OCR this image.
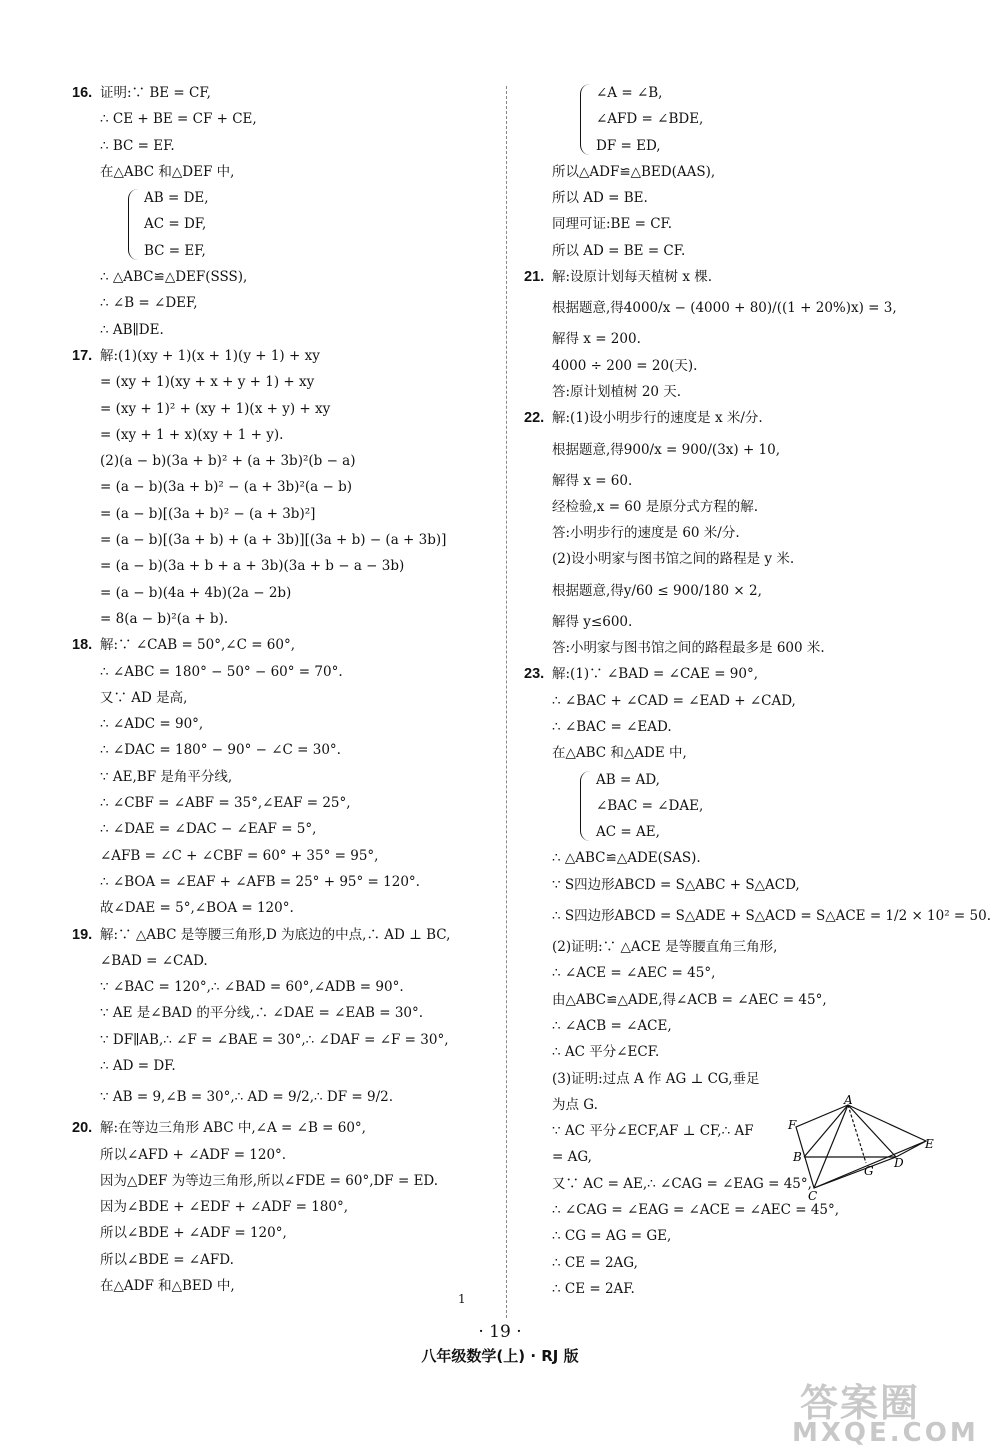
16. 证明:∵ BE = CF,
∴ CE + BE = CF + CE,
∴ BC = EF.
在△ABC 和△DEF 中,
AB = DE,
AC = DF,
BC = EF,
∴ △ABC≌△DEF(SSS),
∴ ∠B = ∠DEF,
∴ AB∥DE.
17. 解:(1)(xy + 1)(x + 1)(y + 1) + xy
= (xy + 1)(xy + x + y + 1) + xy
= (xy + 1)² + (xy + 1)(x + y) + xy
= (xy + 1 + x)(xy + 1 + y).
(2)(a − b)(3a + b)² + (a + 3b)²(b − a)
= (a − b)(3a + b)² − (a + 3b)²(a − b)
= (a − b)[(3a + b)² − (a + 3b)²]
= (a − b)[(3a + b) + (a + 3b)][(3a + b) − (a + 3b)]
= (a − b)(3a + b + a + 3b)(3a + b − a − 3b)
= (a − b)(4a + 4b)(2a − 2b)
= 8(a − b)²(a + b).
18. 解:∵ ∠CAB = 50°,∠C = 60°,
∴ ∠ABC = 180° − 50° − 60° = 70°.
又∵ AD 是高,
∴ ∠ADC = 90°,
∴ ∠DAC = 180° − 90° − ∠C = 30°.
∵ AE,BF 是角平分线,
∴ ∠CBF = ∠ABF = 35°,∠EAF = 25°,
∴ ∠DAE = ∠DAC − ∠EAF = 5°,
∠AFB = ∠C + ∠CBF = 60° + 35° = 95°,
∴ ∠BOA = ∠EAF + ∠AFB = 25° + 95° = 120°.
故∠DAE = 5°,∠BOA = 120°.
19. 解:∵ △ABC 是等腰三角形,D 为底边的中点,∴ AD ⊥ BC,
∠BAD = ∠CAD.
∵ ∠BAC = 120°,∴ ∠BAD = 60°,∠ADB = 90°.
∵ AE 是∠BAD 的平分线,∴ ∠DAE = ∠EAB = 30°.
∵ DF∥AB,∴ ∠F = ∠BAE = 30°,∴ ∠DAF = ∠F = 30°,
∴ AD = DF.
∵ AB = 9,∠B = 30°,∴ AD = 9/2,∴ DF = 9/2.
20. 解:在等边三角形 ABC 中,∠A = ∠B = 60°,
所以∠AFD + ∠ADF = 120°.
因为△DEF 为等边三角形,所以∠FDE = 60°,DF = ED.
因为∠BDE + ∠EDF + ∠ADF = 180°,
所以∠BDE + ∠ADF = 120°,
所以∠BDE = ∠AFD.
在△ADF 和△BED 中,
∠A = ∠B,
∠AFD = ∠BDE,
DF = ED,
所以△ADF≌△BED(AAS),
所以 AD = BE.
同理可证:BE = CF.
所以 AD = BE = CF.
21. 解:设原计划每天植树 x 棵.
根据题意,得4000/x − (4000 + 80)/((1 + 20%)x) = 3,
解得 x = 200.
4000 ÷ 200 = 20(天).
答:原计划植树 20 天.
22. 解:(1)设小明步行的速度是 x 米/分.
根据题意,得900/x = 900/(3x) + 10,
解得 x = 60.
经检验,x = 60 是原分式方程的解.
答:小明步行的速度是 60 米/分.
(2)设小明家与图书馆之间的路程是 y 米.
根据题意,得y/60 ≤ 900/180 × 2,
解得 y≤600.
答:小明家与图书馆之间的路程最多是 600 米.
23. 解:(1)∵ ∠BAD = ∠CAE = 90°,
∴ ∠BAC + ∠CAD = ∠EAD + ∠CAD,
∴ ∠BAC = ∠EAD.
在△ABC 和△ADE 中,
AB = AD,
∠BAC = ∠DAE,
AC = AE,
∴ △ABC≌△ADE(SAS).
∵ S四边形ABCD = S△ABC + S△ACD,
∴ S四边形ABCD = S△ADE + S△ACD = S△ACE = 1/2 × 10² = 50.
(2)证明:∵ △ACE 是等腰直角三角形,
∴ ∠ACE = ∠AEC = 45°,
由△ABC≌△ADE,得∠ACB = ∠AEC = 45°,
∴ ∠ACB = ∠ACE,
∴ AC 平分∠ECF.
(3)证明:过点 A 作 AG ⊥ CG,垂足
为点 G.
∵ AC 平分∠ECF,AF ⊥ CF,∴ AF
= AG,
又∵ AC = AE,∴ ∠CAG = ∠EAG = 45°,
∴ ∠CAG = ∠EAG = ∠ACE = ∠AEC = 45°,
∴ CG = AG = GE,
∴ CE = 2AG,
∴ CE = 2AF.
A
F
E
B
G
D
C
1
· 19 ·
八年级数学(上) · RJ 版
答案圈
MXQE.COM
